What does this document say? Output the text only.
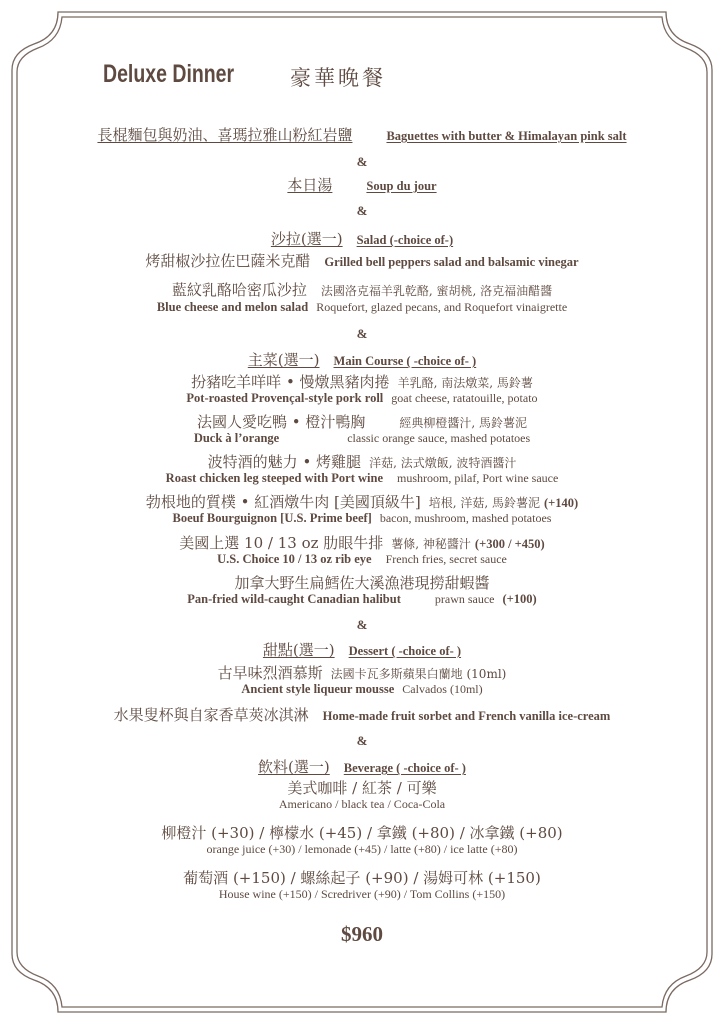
Deluxe Dinner	豪華晚餐
長棍麵包與奶油、喜瑪拉雅山粉紅岩鹽	Baguettes with butter & Himalayan pink salt
&
本日湯	Soup du jour
&
沙拉(選一) Salad (-choice of-)
烤甜椒沙拉佐巴薩米克醋 Grilled bell peppers salad and balsamic vinegar
藍紋乳酪哈密瓜沙拉 法國洛克福羊乳乾酪, 蜜胡桃, 洛克福油醋醬
Blue cheese and melon salad Roquefort, glazed pecans, and Roquefort vinaigrette
&
主菜(選一) Main Course ( -choice of- )
扮豬吃羊咩咩 • 慢燉黑豬肉捲 羊乳酪, 南法燉菜, 馬鈴薯
Pot-roasted Provençal-style pork roll goat cheese, ratatouille, potato
法國人愛吃鴨 • 橙汁鴨胸	經典柳橙醬汁, 馬鈴薯泥
Duck à l’orange	classic orange sauce, mashed potatoes
波特酒的魅力 • 烤雞腿 洋菇, 法式燉飯, 波特酒醬汁
Roast chicken leg steeped with Port wine mushroom, pilaf, Port wine sauce
勃根地的質樸 • 紅酒燉牛肉 [美國頂級牛] 培根, 洋菇, 馬鈴薯泥 (+140)
Boeuf Bourguignon [U.S. Prime beef] bacon, mushroom, mashed potatoes
美國上選 10 / 13 oz 肋眼牛排 薯條, 神秘醬汁 (+300 / +450)
U.S. Choice 10 / 13 oz rib eye French fries, secret sauce
加拿大野生扁鱈佐大溪漁港現撈甜蝦醬
Pan-fried wild-caught Canadian halibut	prawn sauce (+100)
&
甜點(選一) Dessert ( -choice of- )
古早味烈酒慕斯 法國卡瓦多斯蘋果白蘭地 (10ml)
Ancient style liqueur mousse Calvados (10ml)
水果叟杯與自家香草莢冰淇淋 Home-made fruit sorbet and French vanilla ice-cream
&
飲料(選一) Beverage ( -choice of- )
美式咖啡 / 紅茶 / 可樂
Americano / black tea / Coca-Cola
柳橙汁 (+30) / 檸檬水 (+45) / 拿鐵 (+80) / 冰拿鐵 (+80)
orange juice (+30) / lemonade (+45) / latte (+80) / ice latte (+80)
葡萄酒 (+150) / 螺絲起子 (+90) / 湯姆可林 (+150)
House wine (+150) / Scredriver (+90) / Tom Collins (+150)
$960
